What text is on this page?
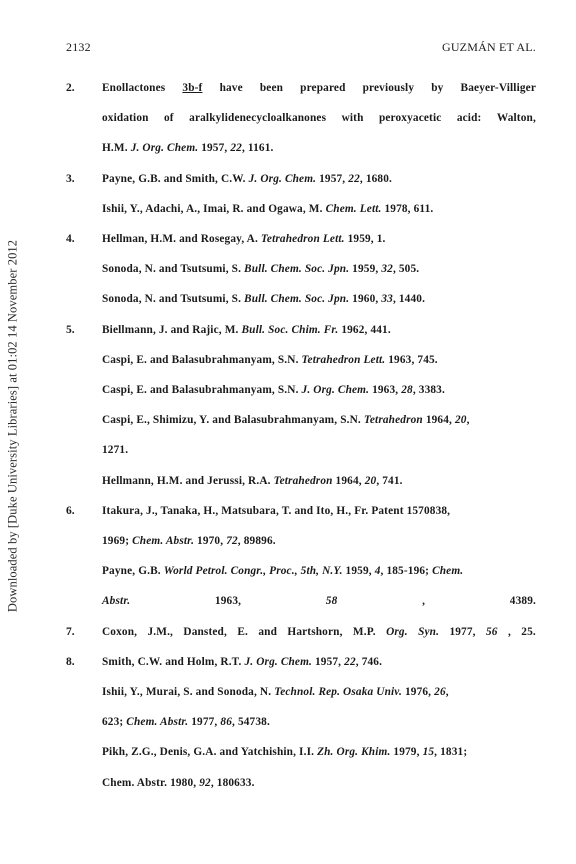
Downloaded by [Duke University Libraries] at 01:02 14 November 2012
2132	GUZMÁN ET AL.
2.	Enollactones 3b-f have been prepared previously by Baeyer-Villiger
oxidation of aralkylidenecycloalkanones with peroxyacetic acid: Walton,
H.M. J. Org. Chem. 1957, 22, 1161.
3.	Payne, G.B. and Smith, C.W. J. Org. Chem. 1957, 22, 1680.
Ishii, Y., Adachi, A., Imai, R. and Ogawa, M. Chem. Lett. 1978, 611.
4.	Hellman, H.M. and Rosegay, A. Tetrahedron Lett. 1959, 1.
Sonoda, N. and Tsutsumi, S. Bull. Chem. Soc. Jpn. 1959, 32, 505.
Sonoda, N. and Tsutsumi, S. Bull. Chem. Soc. Jpn. 1960, 33, 1440.
5.	Biellmann, J. and Rajic, M. Bull. Soc. Chim. Fr. 1962, 441.
Caspi, E. and Balasubrahmanyam, S.N. Tetrahedron Lett. 1963, 745.
Caspi, E. and Balasubrahmanyam, S.N. J. Org. Chem. 1963, 28, 3383.
Caspi, E., Shimizu, Y. and Balasubrahmanyam, S.N. Tetrahedron 1964, 20,
1271.
Hellmann, H.M. and Jerussi, R.A. Tetrahedron 1964, 20, 741.
6.	Itakura, J., Tanaka, H., Matsubara, T. and Ito, H., Fr. Patent 1570838,
1969; Chem. Abstr. 1970, 72, 89896.
Payne, G.B. World Petrol. Congr., Proc., 5th, N.Y. 1959, 4, 185-196; Chem.
Abstr.	1963,	58	,	4389.
7.	Coxon, J.M., Dansted, E. and Hartshorn, M.P. Org. Syn. 1977, 56 , 25.
8.	Smith, C.W. and Holm, R.T. J. Org. Chem. 1957, 22, 746.
Ishii, Y., Murai, S. and Sonoda, N. Technol. Rep. Osaka Univ. 1976, 26,
623; Chem. Abstr. 1977, 86, 54738.
Pikh, Z.G., Denis, G.A. and Yatchishin, I.I. Zh. Org. Khim. 1979, 15, 1831;
Chem. Abstr. 1980, 92, 180633.
